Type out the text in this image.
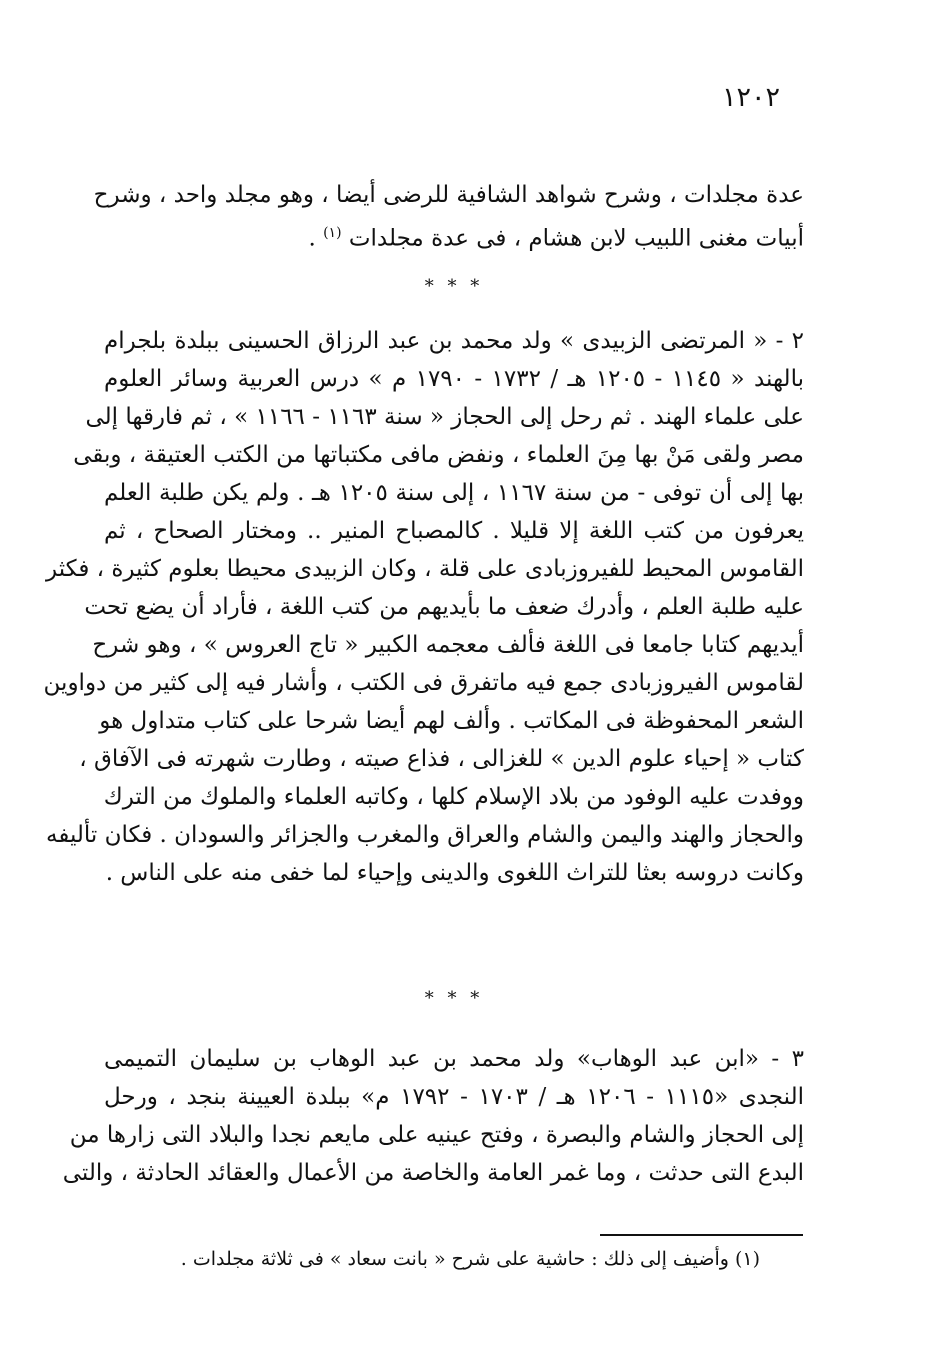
١٢٠٢
عدة مجلدات ، وشرح شواهد الشافية للرضى أيضا ، وهو مجلد واحد ، وشرح
أبيات مغنى اللبيب لابن هشام ، فى عدة مجلدات $^{(١)}$ .
* * *
٢ - « المرتضى الزبيدى » ولد محمد بن عبد الرزاق الحسينى ببلدة بلجرام
بالهند « ١١٤٥ - ١٢٠٥ هـ / ١٧٣٢ - ١٧٩٠ م » درس العربية وسائر العلوم
على علماء الهند . ثم رحل إلى الحجاز « سنة ١١٦٣ - ١١٦٦ » ، ثم فارقها إلى
مصر ولقى مَنْ بها مِنَ العلماء ، ونفض مافى مكتباتها من الكتب العتيقة ، وبقى
بها إلى أن توفى - من سنة ١١٦٧ ، إلى سنة ١٢٠٥ هـ . ولم يكن طلبة العلم
يعرفون من كتب اللغة إلا قليلا . كالمصباح المنير .. ومختار الصحاح ، ثم
القاموس المحيط للفيروزبادى على قلة ، وكان الزبيدى محيطا بعلوم كثيرة ، فكثر
عليه طلبة العلم ، وأدرك ضعف ما بأيديهم من كتب اللغة ، فأراد أن يضع تحت
أيديهم كتابا جامعا فى اللغة فألف معجمه الكبير « تاج العروس » ، وهو شرح
لقاموس الفيروزبادى جمع فيه ماتفرق فى الكتب ، وأشار فيه إلى كثير من دواوين
الشعر المحفوظة فى المكاتب . وألف لهم أيضا شرحا على كتاب متداول هو
كتاب « إحياء علوم الدين » للغزالى ، فذاع صيته ، وطارت شهرته فى الآفاق ،
ووفدت عليه الوفود من بلاد الإسلام كلها ، وكاتبه العلماء والملوك من الترك
والحجاز والهند واليمن والشام والعراق والمغرب والجزائر والسودان . فكان تأليفه
وكانت دروسه بعثا للتراث اللغوى والدينى وإحياء لما خفى منه على الناس .
* * *
٣ - «ابن عبد الوهاب» ولد محمد بن عبد الوهاب بن سليمان التميمى
النجدى «١١١٥ - ١٢٠٦ هـ / ١٧٠٣ - ١٧٩٢ م» ببلدة العيينة بنجد ، ورحل
إلى الحجاز والشام والبصرة ، وفتح عينيه على مايعم نجدا والبلاد التى زارها من
البدع التى حدثت ، وما غمر العامة والخاصة من الأعمال والعقائد الحادثة ، والتى
(١) وأضيف إلى ذلك : حاشية على شرح « بانت سعاد » فى ثلاثة مجلدات .
